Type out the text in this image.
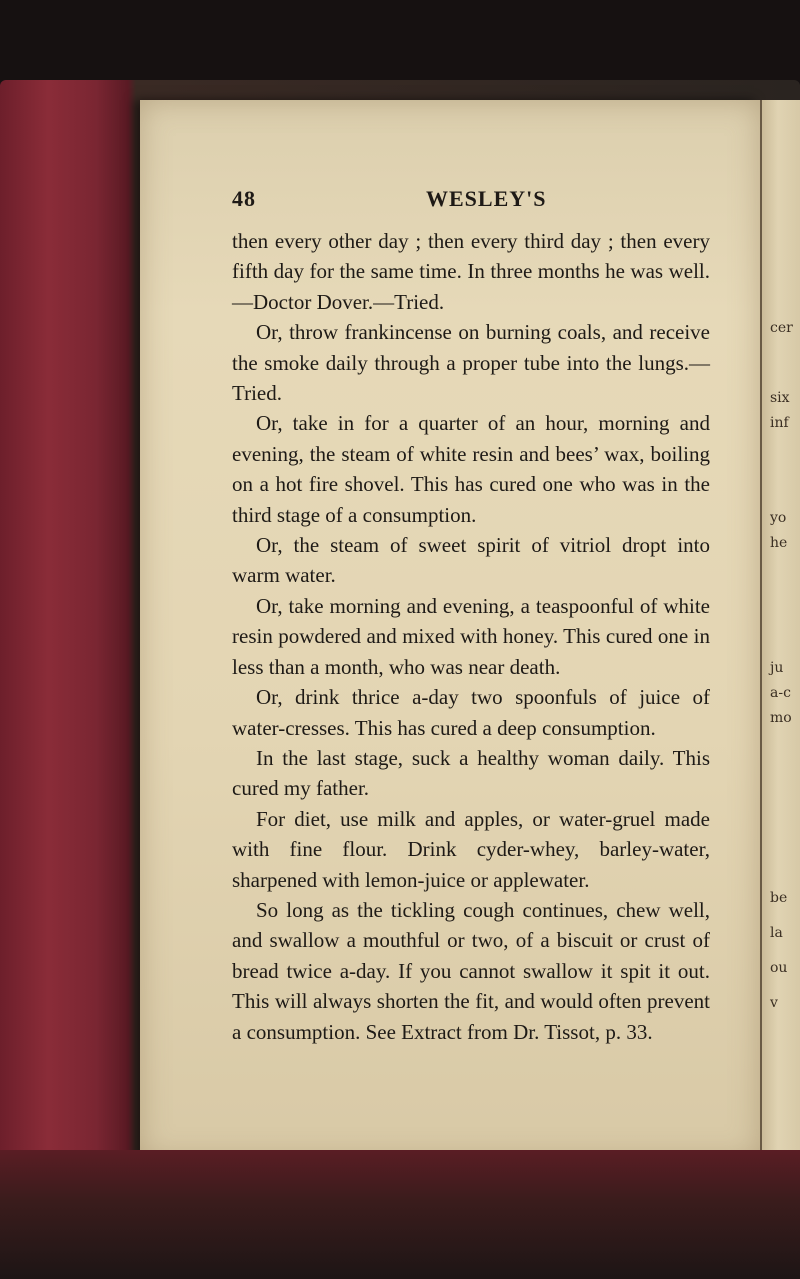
cer
six
inf
yo
he
ju
a-c
mo
be
la
ou
v
48	WESLEY'S

then every other day ; then every third day ; then every fifth day for the same time. In three months he was well.—Doctor Dover.—Tried.

Or, throw frankincense on burning coals, and receive the smoke daily through a proper tube into the lungs.—Tried.

Or, take in for a quarter of an hour, morning and evening, the steam of white resin and bees’ wax, boiling on a hot fire shovel. This has cured one who was in the third stage of a consumption.

Or, the steam of sweet spirit of vitriol dropt into warm water.

Or, take morning and evening, a teaspoonful of white resin powdered and mixed with honey. This cured one in less than a month, who was near death.

Or, drink thrice a-day two spoonfuls of juice of water-cresses. This has cured a deep consumption.

In the last stage, suck a healthy woman daily. This cured my father.

For diet, use milk and apples, or water-gruel made with fine flour. Drink cyder-whey, barley-water, sharpened with lemon-juice or applewater.

So long as the tickling cough continues, chew well, and swallow a mouthful or two, of a biscuit or crust of bread twice a-day. If you cannot swallow it spit it out. This will always shorten the fit, and would often prevent a consumption. See Extract from Dr. Tissot, p. 33.
